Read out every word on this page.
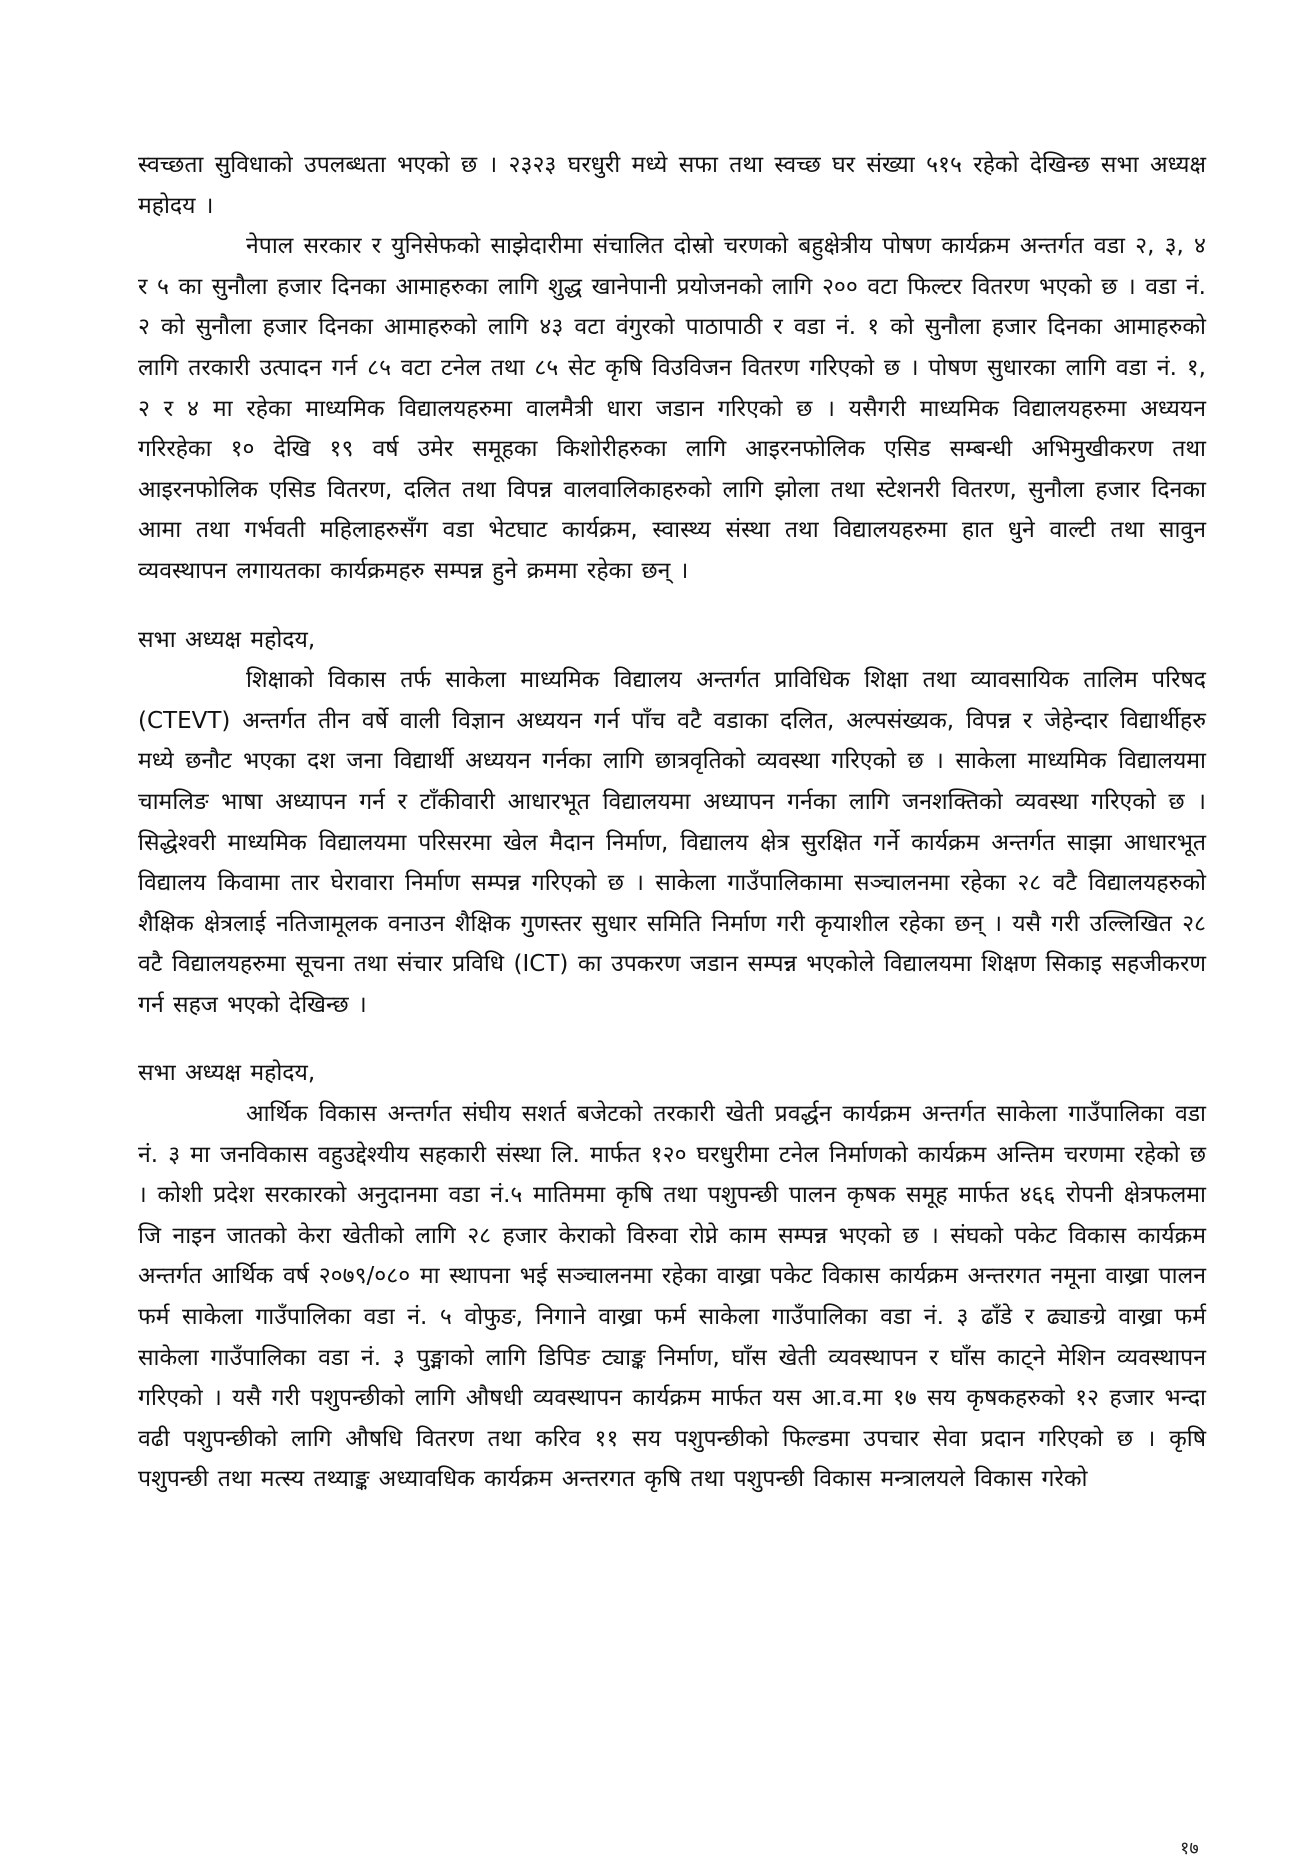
स्वच्छता सुविधाको उपलब्धता भएको छ । २३२३ घरधुरी मध्ये सफा तथा स्वच्छ घर संख्या ५१५ रहेको देखिन्छ सभा अध्यक्ष महोदय ।

नेपाल सरकार र युनिसेफको साझेदारीमा संचालित दोस्रो चरणको बहुक्षेत्रीय पोषण कार्यक्रम अन्तर्गत वडा २, ३, ४ र ५ का सुनौला हजार दिनका आमाहरुका लागि शुद्ध खानेपानी प्रयोजनको लागि २०० वटा फिल्टर वितरण भएको छ । वडा नं. २ को सुनौला हजार दिनका आमाहरुको लागि ४३ वटा वंगुरको पाठापाठी र वडा नं. १ को सुनौला हजार दिनका आमाहरुको लागि तरकारी उत्पादन गर्न ८५ वटा टनेल तथा ८५ सेट कृषि विउविजन वितरण गरिएको छ । पोषण सुधारका लागि वडा नं. १, २ र ४ मा रहेका माध्यमिक विद्यालयहरुमा वालमैत्री धारा जडान गरिएको छ । यसैगरी माध्यमिक विद्यालयहरुमा अध्ययन गरिरहेका १० देखि १९ वर्ष उमेर समूहका किशोरीहरुका लागि आइरनफोलिक एसिड सम्बन्धी अभिमुखीकरण तथा आइरनफोलिक एसिड वितरण, दलित तथा विपन्न वालवालिकाहरुको लागि झोला तथा स्टेशनरी वितरण, सुनौला हजार दिनका आमा तथा गर्भवती महिलाहरुसँग वडा भेटघाट कार्यक्रम, स्वास्थ्य संस्था तथा विद्यालयहरुमा हात धुने वाल्टी तथा सावुन व्यवस्थापन लगायतका कार्यक्रमहरु सम्पन्न हुने क्रममा रहेका छन् ।

सभा अध्यक्ष महोदय,

शिक्षाको विकास तर्फ साकेला माध्यमिक विद्यालय अन्तर्गत प्राविधिक शिक्षा तथा व्यावसायिक तालिम परिषद (CTEVT) अन्तर्गत तीन वर्षे वाली विज्ञान अध्ययन गर्न पाँच वटै वडाका दलित, अल्पसंख्यक, विपन्न र जेहेन्दार विद्यार्थीहरु मध्ये छनौट भएका दश जना विद्यार्थी अध्ययन गर्नका लागि छात्रवृतिको व्यवस्था गरिएको छ । साकेला माध्यमिक विद्यालयमा चामलिङ भाषा अध्यापन गर्न र टाँकीवारी आधारभूत विद्यालयमा अध्यापन गर्नका लागि जनशक्तिको व्यवस्था गरिएको छ । सिद्धेश्वरी माध्यमिक विद्यालयमा परिसरमा खेल मैदान निर्माण, विद्यालय क्षेत्र सुरक्षित गर्ने कार्यक्रम अन्तर्गत साझा आधारभूत विद्यालय किवामा तार घेरावारा निर्माण सम्पन्न गरिएको छ । साकेला गाउँपालिकामा सञ्चालनमा रहेका २८ वटै विद्यालयहरुको शैक्षिक क्षेत्रलाई नतिजामूलक वनाउन शैक्षिक गुणस्तर सुधार समिति निर्माण गरी कृयाशील रहेका छन् । यसै गरी उल्लिखित २८ वटै विद्यालयहरुमा सूचना तथा संचार प्रविधि (ICT) का उपकरण जडान सम्पन्न भएकोले विद्यालयमा शिक्षण सिकाइ सहजीकरण गर्न सहज भएको देखिन्छ ।

सभा अध्यक्ष महोदय,

आर्थिक विकास अन्तर्गत संघीय सशर्त बजेटको तरकारी खेती प्रवर्द्धन कार्यक्रम अन्तर्गत साकेला गाउँपालिका वडा नं. ३ मा जनविकास वहुउद्देश्यीय सहकारी संस्था लि. मार्फत १२० घरधुरीमा टनेल निर्माणको कार्यक्रम अन्तिम चरणमा रहेको छ । कोशी प्रदेश सरकारको अनुदानमा वडा नं.५ मातिममा कृषि तथा पशुपन्छी पालन कृषक समूह मार्फत ४६६ रोपनी क्षेत्रफलमा जि नाइन जातको केरा खेतीको लागि २८ हजार केराको विरुवा रोप्ने काम सम्पन्न भएको छ । संघको पकेट विकास कार्यक्रम अन्तर्गत आर्थिक वर्ष २०७९/०८० मा स्थापना भई सञ्चालनमा रहेका वाख्रा पकेट विकास कार्यक्रम अन्तरगत नमूना वाख्रा पालन फर्म साकेला गाउँपालिका वडा नं. ५ वोफुङ, निगाने वाख्रा फर्म साकेला गाउँपालिका वडा नं. ३ ढाँडे र ढ्याङग्रे वाख्रा फर्म साकेला गाउँपालिका वडा नं. ३ पुङ्माको लागि डिपिङ ट्याङ्क निर्माण, घाँस खेती व्यवस्थापन र घाँस काट्ने मेशिन व्यवस्थापन गरिएको । यसै गरी पशुपन्छीको लागि औषधी व्यवस्थापन कार्यक्रम मार्फत यस आ.व.मा १७ सय कृषकहरुको १२ हजार भन्दा वढी पशुपन्छीको लागि औषधि वितरण तथा करिव ११ सय पशुपन्छीको फिल्डमा उपचार सेवा प्रदान गरिएको छ । कृषि पशुपन्छी तथा मत्स्य तथ्याङ्क अध्यावधिक कार्यक्रम अन्तरगत कृषि तथा पशुपन्छी विकास मन्त्रालयले विकास गरेको

१७
